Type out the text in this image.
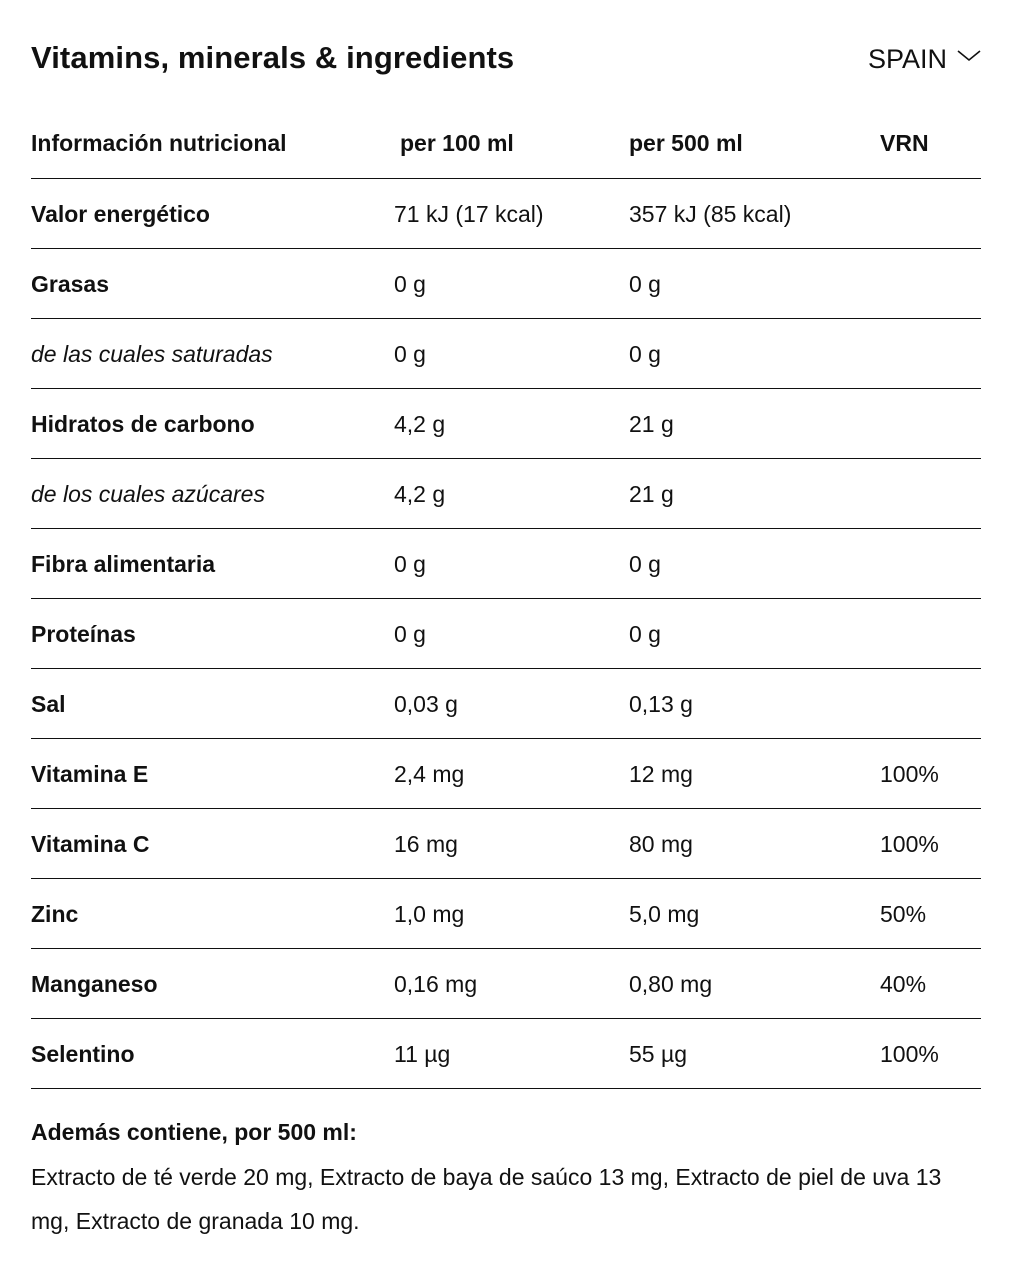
Vitamins, minerals & ingredients	SPAIN
Información nutricional	per 100 ml	per 500 ml	VRN
Valor energético	71 kJ (17 kcal)	357 kJ (85 kcal)
Grasas	0 g	0 g
de las cuales saturadas	0 g	0 g
Hidratos de carbono	4,2 g	21 g
de los cuales azúcares	4,2 g	21 g
Fibra alimentaria	0 g	0 g
Proteínas	0 g	0 g
Sal	0,03 g	0,13 g
Vitamina E	2,4 mg	12 mg	100%
Vitamina C	16 mg	80 mg	100%
Zinc	1,0 mg	5,0 mg	50%
Manganeso	0,16 mg	0,80 mg	40%
Selentino	11 µg	55 µg	100%

Además contiene, por 500 ml:

Extracto de té verde 20 mg, Extracto de baya de saúco 13 mg, Extracto de piel de uva 13 mg, Extracto de granada 10 mg.
